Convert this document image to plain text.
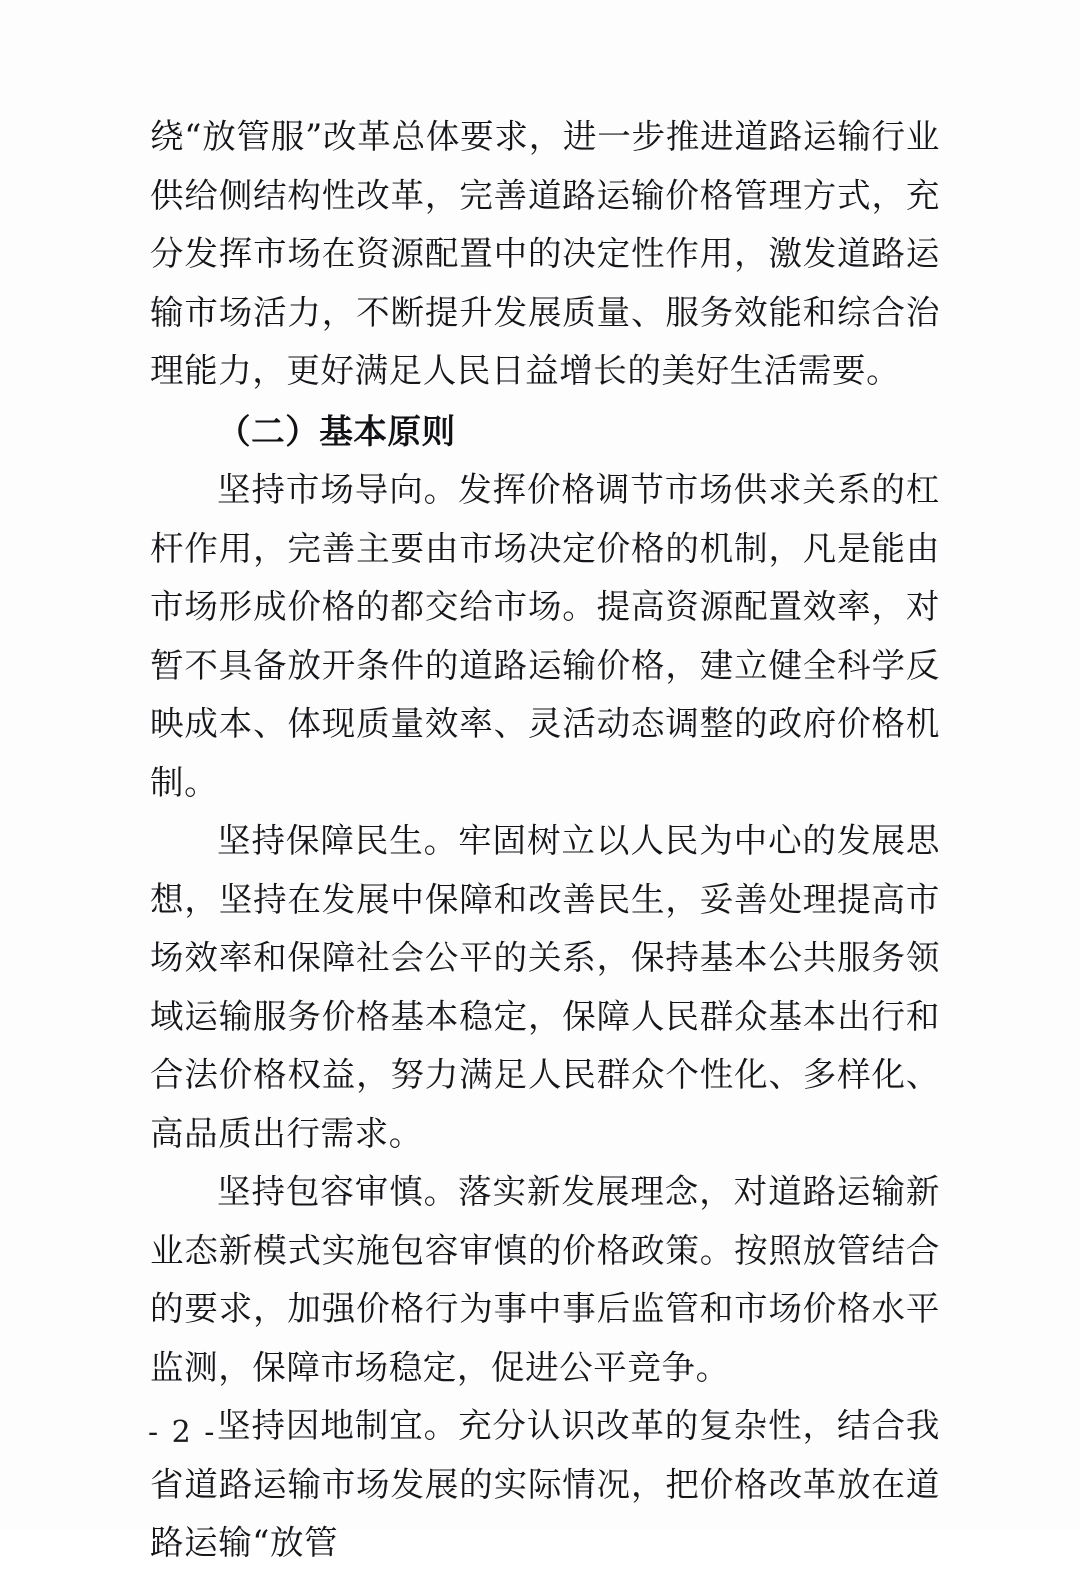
绕“放管服”改革总体要求，进一步推进道路运输行业供给侧结构性改革，完善道路运输价格管理方式，充分发挥市场在资源配置中的决定性作用，激发道路运输市场活力，不断提升发展质量、服务效能和综合治理能力，更好满足人民日益增长的美好生活需要。

（二）基本原则

坚持市场导向。发挥价格调节市场供求关系的杠杆作用，完善主要由市场决定价格的机制，凡是能由市场形成价格的都交给市场。提高资源配置效率，对暂不具备放开条件的道路运输价格，建立健全科学反映成本、体现质量效率、灵活动态调整的政府价格机制。

坚持保障民生。牢固树立以人民为中心的发展思想，坚持在发展中保障和改善民生，妥善处理提高市场效率和保障社会公平的关系，保持基本公共服务领域运输服务价格基本稳定，保障人民群众基本出行和合法价格权益，努力满足人民群众个性化、多样化、高品质出行需求。

坚持包容审慎。落实新发展理念，对道路运输新业态新模式实施包容审慎的价格政策。按照放管结合的要求，加强价格行为事中事后监管和市场价格水平监测，保障市场稳定，促进公平竞争。

坚持因地制宜。充分认识改革的复杂性，结合我省道路运输市场发展的实际情况，把价格改革放在道路运输“放管

- 2 -
